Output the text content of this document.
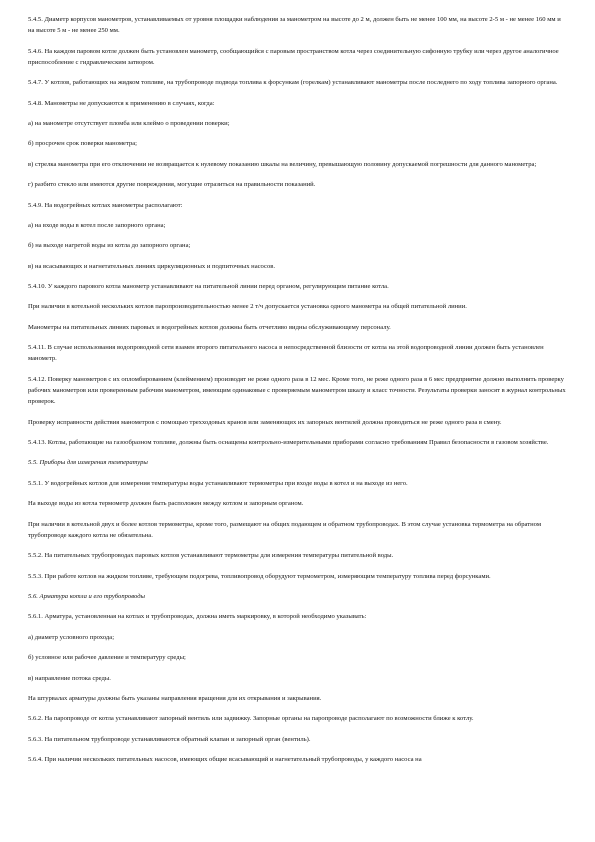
5.4.5. Диаметр корпусов манометров, устанавливаемых от уровня площадки наблюдения за манометром на высоте до 2 м, должен быть не менее 100 мм, на высоте 2-5 м - не менее 160 мм и на высоте 5 м - не менее 250 мм.

5.4.6. На каждом паровом котле должен быть установлен манометр, сообщающийся с паровым пространством котла через соединительную сифонную трубку или через другое аналогичное приспособление с гидравлическим затвором.

5.4.7. У котлов, работающих на жидком топливе, на трубопроводе подвода топлива к форсункам (горелкам) устанавливают манометры после последнего по ходу топлива запорного органа.

5.4.8. Манометры не допускаются к применению в случаях, когда:

а) на манометре отсутствует пломба или клеймо о проведении поверки;

б) просрочен срок поверки манометра;

в) стрелка манометра при его отключении не возвращается к нулевому показанию шкалы на величину, превышающую половину допускаемой погрешности для данного манометра;

г) разбито стекло или имеются другие повреждения, могущие отразиться на правильности показаний.

5.4.9. На водогрейных котлах манометры располагают:

а) на входе воды в котел после запорного органа;

б) на выходе нагретой воды из котла до запорного органа;

в) на всасывающих и нагнетательных линиях циркуляционных и подпиточных насосов.

5.4.10. У каждого парового котла манометр устанавливают на питательной линии перед органом, регулирующим питание котла.

При наличии в котельной нескольких котлов паропроизводительностью менее 2 т/ч допускается установка одного манометра на общей питательной линии.

Манометры на питательных линиях паровых и водогрейных котлов должны быть отчетливо видны обслуживающему персоналу.

5.4.11. В случае использования водопроводной сети взамен второго питательного насоса в непосредственной близости от котла на этой водопроводной линии должен быть установлен манометр.

5.4.12. Поверку манометров с их опломбированием (клеймением) производят не реже одного раза в 12 мес. Кроме того, не реже одного раза в 6 мес предприятие должно выполнить проверку рабочих манометров или проверенным рабочим манометром, имеющим одинаковые с проверяемым манометром шкалу и класс точности. Результаты проверки заносят в журнал контрольных проверок.

Проверку исправности действия манометров с помощью трехходовых кранов или заменяющих их запорных вентилей должна проводиться не реже одного раза в смену.

5.4.13. Котлы, работающие на газообразном топливе, должны быть оснащены контрольно-измерительными приборами согласно требованиям Правил безопасности в газовом хозяйстве.

5.5. Приборы для измерения температуры

5.5.1. У водогрейных котлов для измерения температуры воды устанавливают термометры при входе воды в котел и на выходе из него.

На выходе воды из котла термометр должен быть расположен между котлом и запорным органом.

При наличии в котельной двух и более котлов термометры, кроме того, размещают на общих подающем и обратном трубопроводах. В этом случае установка термометра на обратном трубопроводе каждого котла не обязательна.

5.5.2. На питательных трубопроводах паровых котлов устанавливают термометры для измерения температуры питательной воды.

5.5.3. При работе котлов на жидком топливе, требующем подогрева, топливопровод оборудуют термометром, измеряющим температуру топлива перед форсунками.

5.6. Арматура котла и его трубопроводы

5.6.1. Арматура, установленная на котлах и трубопроводах, должна иметь маркировку, в которой необходимо указывать:

а) диаметр условного прохода;

б) условное или рабочее давление и температуру среды;

в) направление потока среды.

На штурвалах арматуры должны быть указаны направления вращения для их открывания и закрывания.

5.6.2. На паропроводе от котла устанавливают запорный вентиль или задвижку. Запорные органы на паропроводе располагают по возможности ближе к котлу.

5.6.3. На питательном трубопроводе устанавливаются обратный клапан и запорный орган (вентиль).

5.6.4. При наличии нескольких питательных насосов, имеющих общие всасывающий и нагнетательный трубопроводы, у каждого насоса на
